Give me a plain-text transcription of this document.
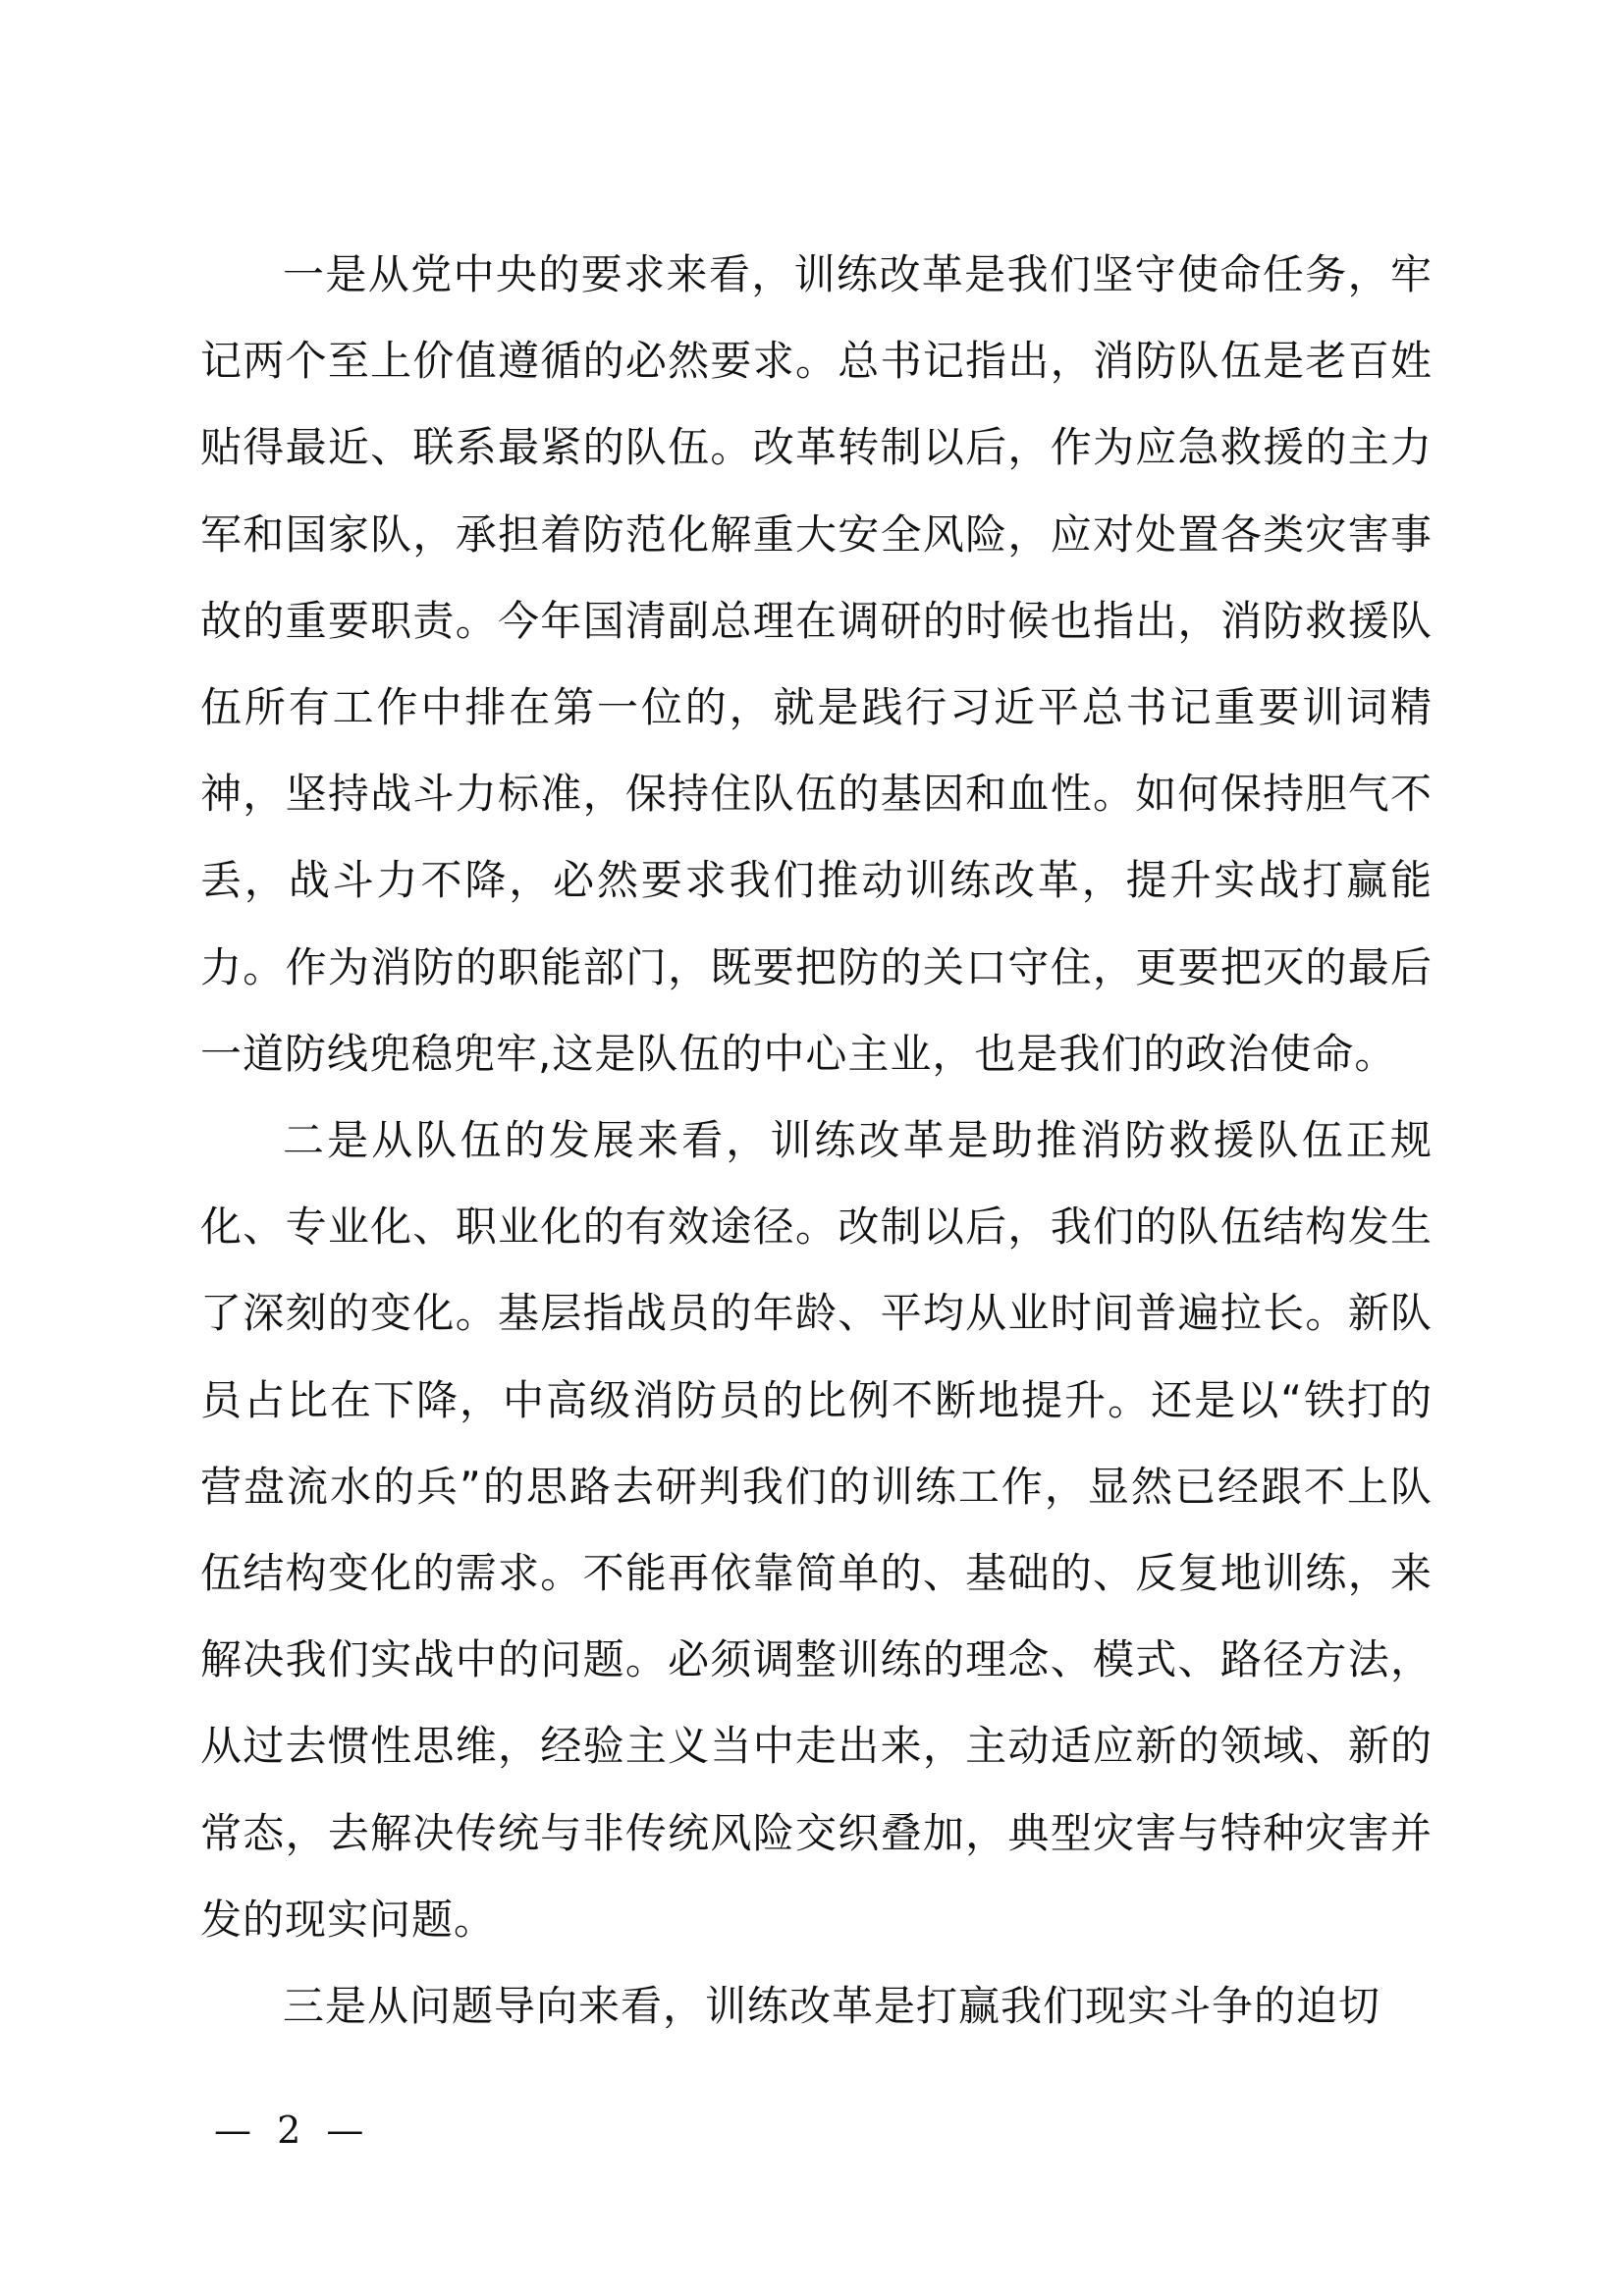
一是从党中央的要求来看，训练改革是我们坚守使命任务，牢记两个至上价值遵循的必然要求。总书记指出，消防队伍是老百姓贴得最近、联系最紧的队伍。改革转制以后，作为应急救援的主力军和国家队，承担着防范化解重大安全风险，应对处置各类灾害事故的重要职责。今年国清副总理在调研的时候也指出，消防救援队伍所有工作中排在第一位的，就是践行习近平总书记重要训词精神，坚持战斗力标准，保持住队伍的基因和血性。如何保持胆气不丢，战斗力不降，必然要求我们推动训练改革，提升实战打赢能力。作为消防的职能部门，既要把防的关口守住，更要把灭的最后一道防线兜稳兜牢,这是队伍的中心主业，也是我们的政治使命。

二是从队伍的发展来看，训练改革是助推消防救援队伍正规化、专业化、职业化的有效途径。改制以后，我们的队伍结构发生了深刻的变化。基层指战员的年龄、平均从业时间普遍拉长。新队员占比在下降，中高级消防员的比例不断地提升。还是以“铁打的营盘流水的兵”的思路去研判我们的训练工作，显然已经跟不上队伍结构变化的需求。不能再依靠简单的、基础的、反复地训练，来解决我们实战中的问题。必须调整训练的理念、模式、路径方法，从过去惯性思维，经验主义当中走出来，主动适应新的领域、新的常态，去解决传统与非传统风险交织叠加，典型灾害与特种灾害并发的现实问题。

三是从问题导向来看，训练改革是打赢我们现实斗争的迫切

— 2 —
